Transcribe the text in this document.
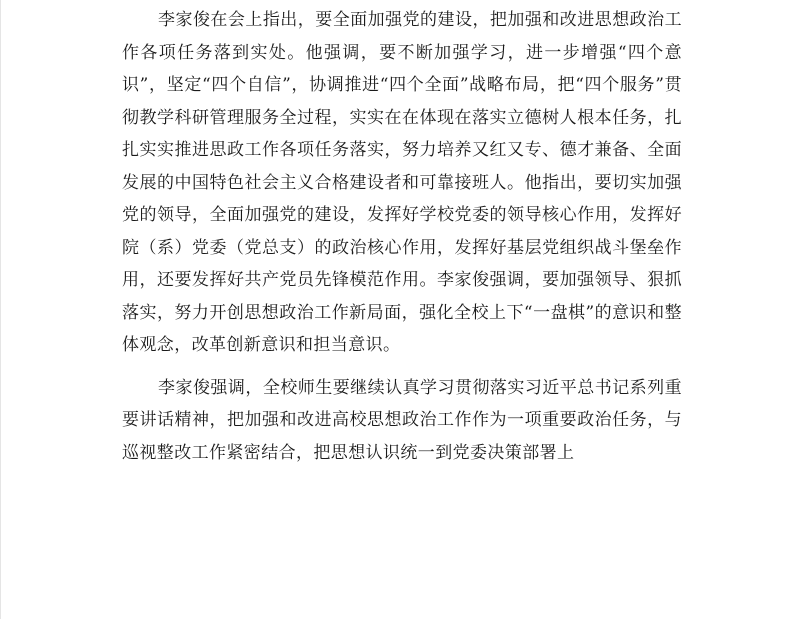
李家俊在会上指出，要全面加强党的建设，把加强和改进思想政治工作各项任务落到实处。他强调，要不断加强学习，进一步增强“四个意识”，坚定“四个自信”，协调推进“四个全面”战略布局，把“四个服务”贯彻教学科研管理服务全过程，实实在在体现在落实立德树人根本任务，扎扎实实推进思政工作各项任务落实，努力培养又红又专、德才兼备、全面发展的中国特色社会主义合格建设者和可靠接班人。他指出，要切实加强党的领导，全面加强党的建设，发挥好学校党委的领导核心作用，发挥好院（系）党委（党总支）的政治核心作用，发挥好基层党组织战斗堡垒作用，还要发挥好共产党员先锋模范作用。李家俊强调，要加强领导、狠抓落实，努力开创思想政治工作新局面，强化全校上下“一盘棋”的意识和整体观念，改革创新意识和担当意识。

李家俊强调，全校师生要继续认真学习贯彻落实习近平总书记系列重要讲话精神，把加强和改进高校思想政治工作作为一项重要政治任务，与巡视整改工作紧密结合，把思想认识统一到党委决策部署上
